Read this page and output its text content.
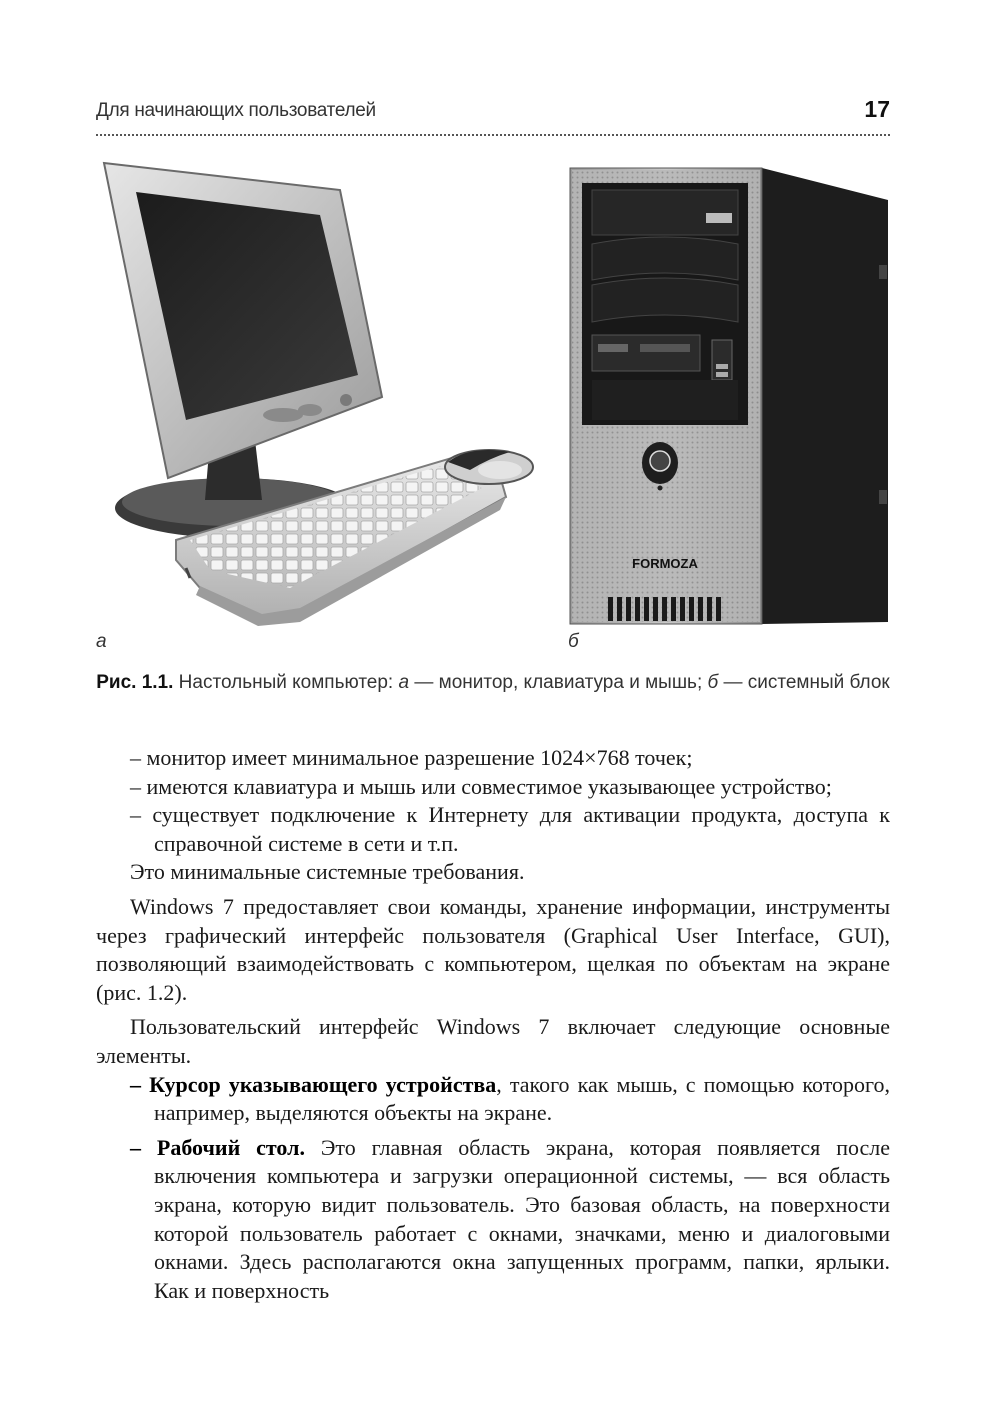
Для начинающих пользователей	17
FORMOZA
а	б
Рис. 1.1. Настольный компьютер: а — монитор, клавиатура и мышь; б — системный блок

– монитор имеет минимальное разрешение 1024×768 точек;

– имеются клавиатура и мышь или совместимое указывающее устройство;

– существует подключение к Интернету для активации продукта, доступа к справочной системе в сети и т.п.

Это минимальные системные требования.

Windows 7 предоставляет свои команды, хранение информации, инструменты через графический интерфейс пользователя (Graphical User Interface, GUI), позволяющий взаимодействовать с компьютером, щелкая по объектам на экране (рис. 1.2).

Пользовательский интерфейс Windows 7 включает следующие основные элементы.

– Курсор указывающего устройства, такого как мышь, с помощью которого, например, выделяются объекты на экране.

– Рабочий стол. Это главная область экрана, которая появляется после включения компьютера и загрузки операционной системы, — вся область экрана, которую видит пользователь. Это базовая область, на поверхности которой пользователь работает с окнами, значками, меню и диалоговыми окнами. Здесь располагаются окна запущенных программ, папки, ярлыки. Как и поверхность
